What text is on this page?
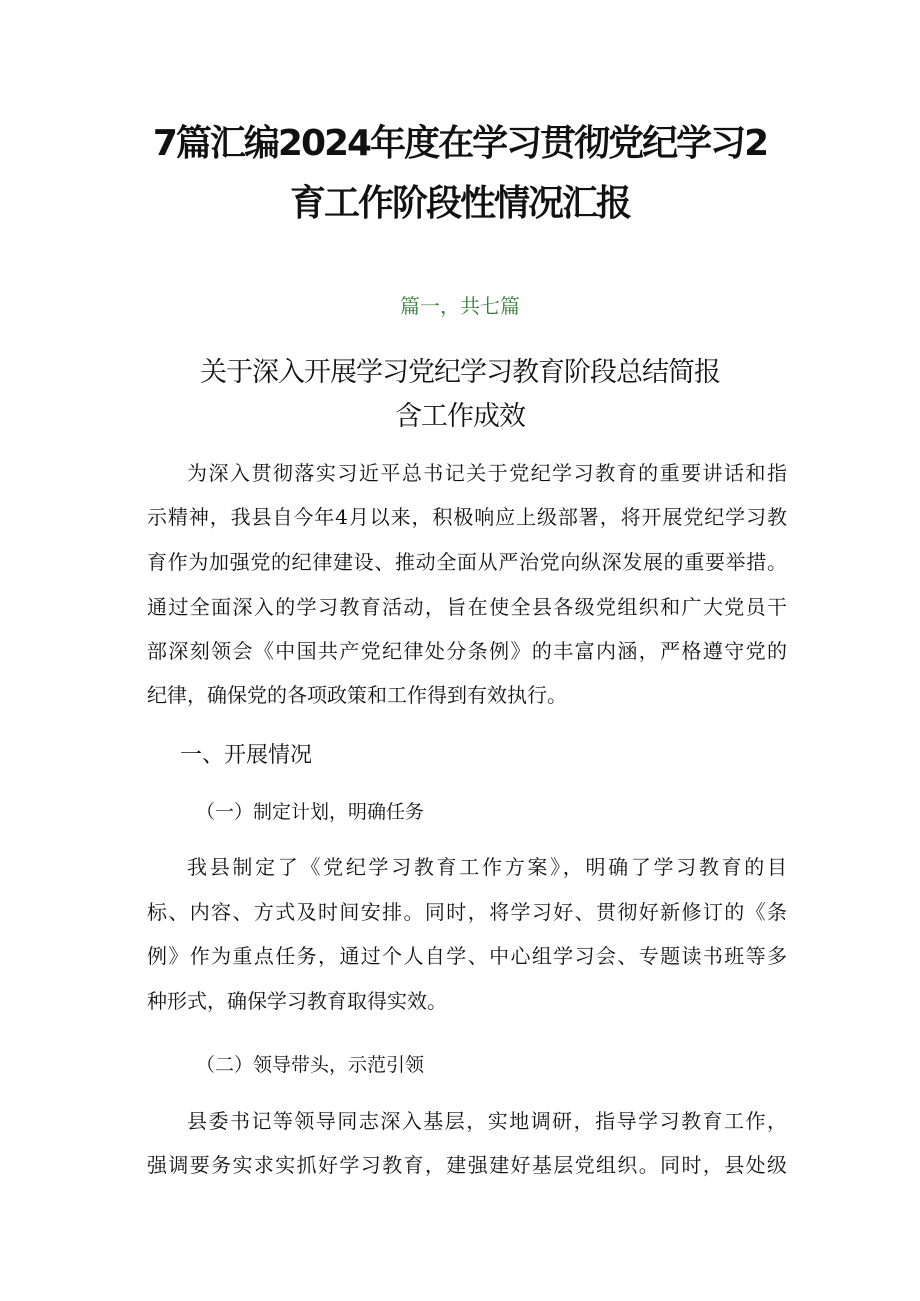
7篇汇编2024年度在学习贯彻党纪学习2
育工作阶段性情况汇报
篇一，共七篇
关于深入开展学习党纪学习教育阶段总结简报
含工作成效
为深入贯彻落实习近平总书记关于党纪学习教育的重要讲话和指
示精神，我县自今年4月以来，积极响应上级部署，将开展党纪学习教
育作为加强党的纪律建设、推动全面从严治党向纵深发展的重要举措。
通过全面深入的学习教育活动，旨在使全县各级党组织和广大党员干
部深刻领会《中国共产党纪律处分条例》的丰富内涵，严格遵守党的
纪律，确保党的各项政策和工作得到有效执行。
一、开展情况
（一）制定计划，明确任务
我县制定了《党纪学习教育工作方案》，明确了学习教育的目
标、内容、方式及时间安排。同时，将学习好、贯彻好新修订的《条
例》作为重点任务，通过个人自学、中心组学习会、专题读书班等多
种形式，确保学习教育取得实效。
（二）领导带头，示范引领
县委书记等领导同志深入基层，实地调研，指导学习教育工作，
强调要务实求实抓好学习教育，建强建好基层党组织。同时，县处级
